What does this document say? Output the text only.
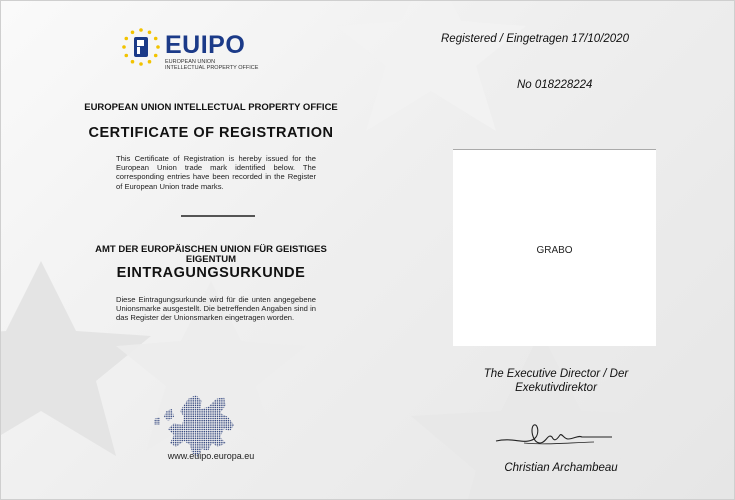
EUIPO
EUROPEAN UNION
INTELLECTUAL PROPERTY OFFICE
EUROPEAN UNION INTELLECTUAL PROPERTY OFFICE
CERTIFICATE OF REGISTRATION
This Certificate of Registration is hereby issued for the European Union trade mark identified below. The corresponding entries have been recorded in the Register of European Union trade marks.
AMT DER EUROPÄISCHEN UNION FÜR GEISTIGES EIGENTUM
EINTRAGUNGSURKUNDE
Diese Eintragungsurkunde wird für die unten angegebene Unionsmarke ausgestellt. Die betreffenden Angaben sind in das Register der Unionsmarken eingetragen worden.
www.euipo.europa.eu
Registered / Eingetragen 17/10/2020
No 018228224
GRABO
The Executive Director / Der Exekutivdirektor
Christian Archambeau
